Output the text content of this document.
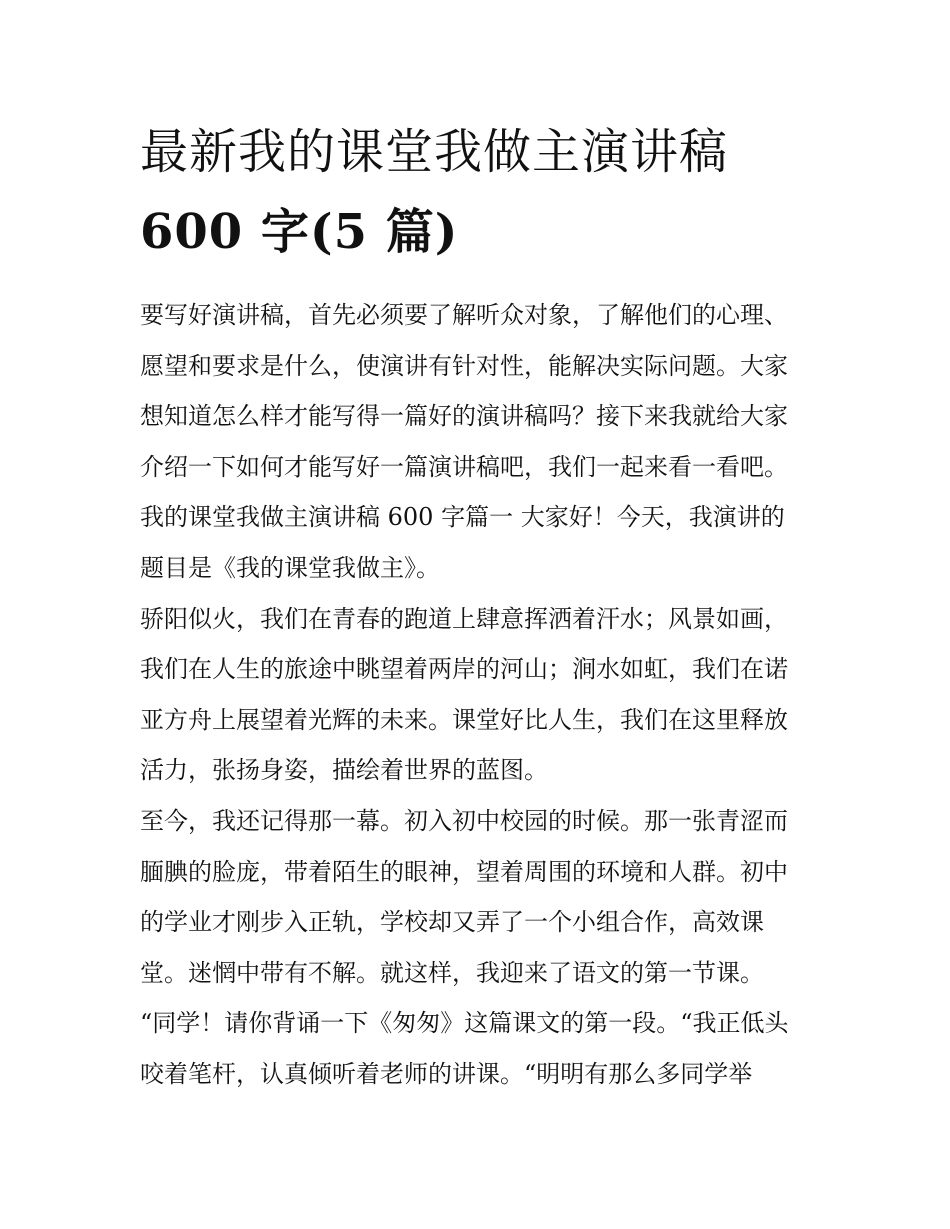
最新我的课堂我做主演讲稿
600 字(5 篇)
要写好演讲稿，首先必须要了解听众对象，了解他们的心理、
愿望和要求是什么，使演讲有针对性，能解决实际问题。大家
想知道怎么样才能写得一篇好的演讲稿吗？接下来我就给大家
介绍一下如何才能写好一篇演讲稿吧，我们一起来看一看吧。
我的课堂我做主演讲稿 600 字篇一 大家好！今天，我演讲的
题目是《我的课堂我做主》。
骄阳似火，我们在青春的跑道上肆意挥洒着汗水；风景如画，
我们在人生的旅途中眺望着两岸的河山；涧水如虹，我们在诺
亚方舟上展望着光辉的未来。课堂好比人生，我们在这里释放
活力，张扬身姿，描绘着世界的蓝图。
至今，我还记得那一幕。初入初中校园的时候。那一张青涩而
腼腆的脸庞，带着陌生的眼神，望着周围的环境和人群。初中
的学业才刚步入正轨，学校却又弄了一个小组合作，高效课
堂。迷惘中带有不解。就这样，我迎来了语文的第一节课。
“同学！请你背诵一下《匆匆》这篇课文的第一段。“我正低头
咬着笔杆，认真倾听着老师的讲课。“明明有那么多同学举
